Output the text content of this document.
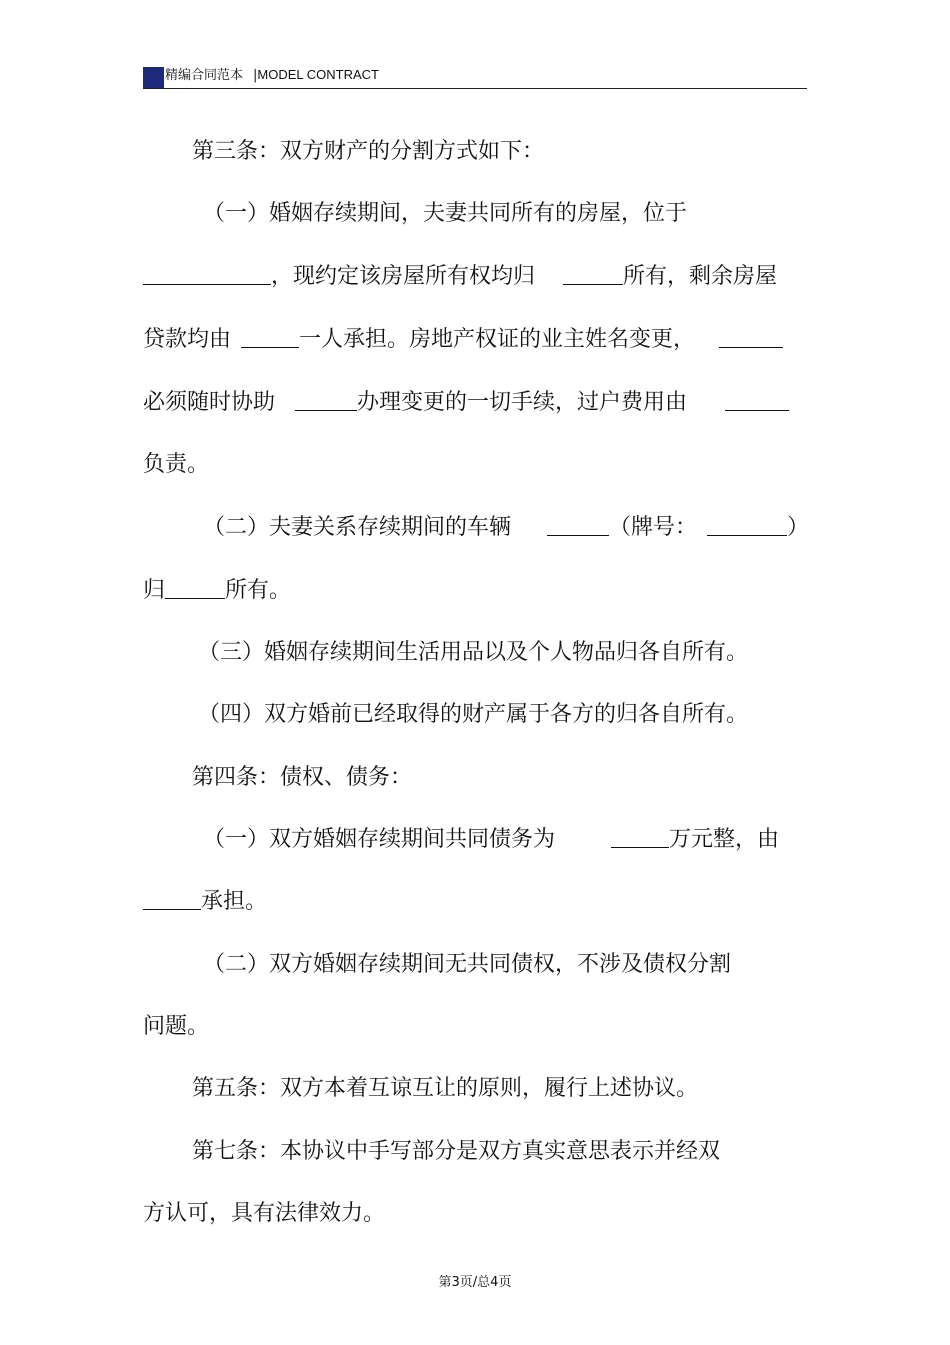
精编合同范本 |MODEL CONTRACT
第三条：双方财产的分割方式如下：
（一）婚姻存续期间，夫妻共同所有的房屋，位于
，现约定该房屋所有权均归	所有，剩余房屋
贷款均由	一人承担。房地产权证的业主姓名变更，
必须随时协助	办理变更的一切手续，过户费用由
负责。
（二）夫妻关系存续期间的车辆	（牌号：	）
归	所有。
（三）婚姻存续期间生活用品以及个人物品归各自所有。
（四）双方婚前已经取得的财产属于各方的归各自所有。
第四条：债权、债务：
（一）双方婚姻存续期间共同债务为	万元整，由
承担。
（二）双方婚姻存续期间无共同债权，不涉及债权分割
问题。
第五条：双方本着互谅互让的原则，履行上述协议。
第七条：本协议中手写部分是双方真实意思表示并经双
方认可，具有法律效力。
第3页/总4页
